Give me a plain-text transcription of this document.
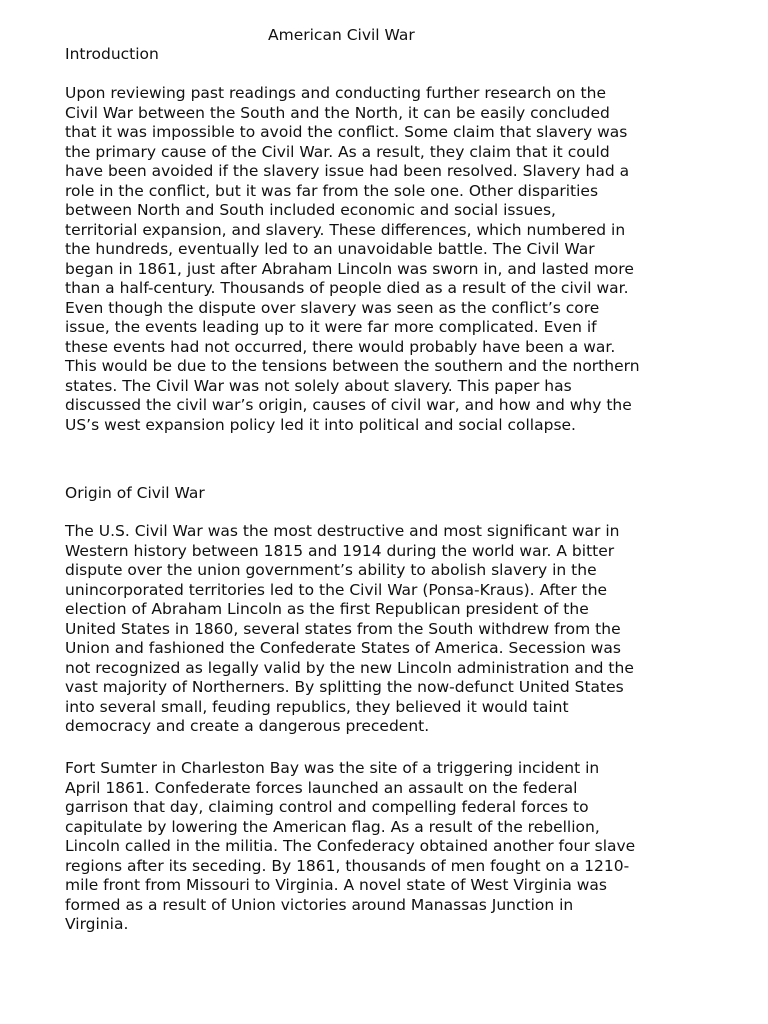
American Civil War
Introduction
Upon reviewing past readings and conducting further research on the
Civil War between the South and the North, it can be easily concluded
that it was impossible to avoid the conflict. Some claim that slavery was
the primary cause of the Civil War. As a result, they claim that it could
have been avoided if the slavery issue had been resolved. Slavery had a
role in the conflict, but it was far from the sole one. Other disparities
between North and South included economic and social issues,
territorial expansion, and slavery. These differences, which numbered in
the hundreds, eventually led to an unavoidable battle. The Civil War
began in 1861, just after Abraham Lincoln was sworn in, and lasted more
than a half-century. Thousands of people died as a result of the civil war.
Even though the dispute over slavery was seen as the conflict’s core
issue, the events leading up to it were far more complicated. Even if
these events had not occurred, there would probably have been a war.
This would be due to the tensions between the southern and the northern
states. The Civil War was not solely about slavery. This paper has
discussed the civil war’s origin, causes of civil war, and how and why the
US’s west expansion policy led it into political and social collapse.
Origin of Civil War
The U.S. Civil War was the most destructive and most significant war in
Western history between 1815 and 1914 during the world war. A bitter
dispute over the union government’s ability to abolish slavery in the
unincorporated territories led to the Civil War (Ponsa-Kraus). After the
election of Abraham Lincoln as the first Republican president of the
United States in 1860, several states from the South withdrew from the
Union and fashioned the Confederate States of America. Secession was
not recognized as legally valid by the new Lincoln administration and the
vast majority of Northerners. By splitting the now-defunct United States
into several small, feuding republics, they believed it would taint
democracy and create a dangerous precedent.
Fort Sumter in Charleston Bay was the site of a triggering incident in
April 1861. Confederate forces launched an assault on the federal
garrison that day, claiming control and compelling federal forces to
capitulate by lowering the American flag. As a result of the rebellion,
Lincoln called in the militia. The Confederacy obtained another four slave
regions after its seceding. By 1861, thousands of men fought on a 1210-
mile front from Missouri to Virginia. A novel state of West Virginia was
formed as a result of Union victories around Manassas Junction in
Virginia.
